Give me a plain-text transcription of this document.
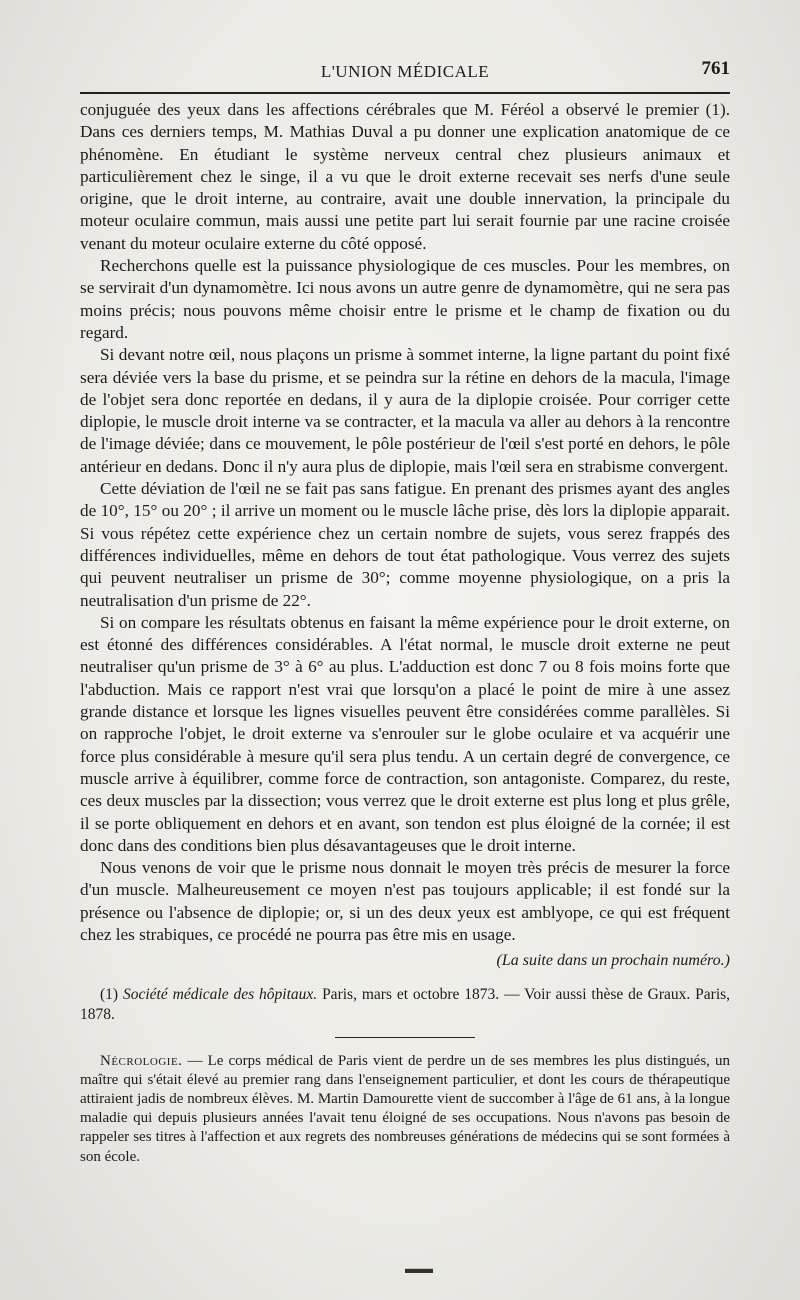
L'UNION MÉDICALE	761

conjuguée des yeux dans les affections cérébrales que M. Féréol a observé le premier (1). Dans ces derniers temps, M. Mathias Duval a pu donner une explication anatomique de ce phénomène. En étudiant le système nerveux central chez plusieurs animaux et particulièrement chez le singe, il a vu que le droit externe recevait ses nerfs d'une seule origine, que le droit interne, au contraire, avait une double innervation, la principale du moteur oculaire commun, mais aussi une petite part lui serait fournie par une racine croisée venant du moteur oculaire externe du côté opposé.

Recherchons quelle est la puissance physiologique de ces muscles. Pour les membres, on se servirait d'un dynamomètre. Ici nous avons un autre genre de dynamomètre, qui ne sera pas moins précis; nous pouvons même choisir entre le prisme et le champ de fixation ou du regard.

Si devant notre œil, nous plaçons un prisme à sommet interne, la ligne partant du point fixé sera déviée vers la base du prisme, et se peindra sur la rétine en dehors de la macula, l'image de l'objet sera donc reportée en dedans, il y aura de la diplopie croisée. Pour corriger cette diplopie, le muscle droit interne va se contracter, et la macula va aller au dehors à la rencontre de l'image déviée; dans ce mouvement, le pôle postérieur de l'œil s'est porté en dehors, le pôle antérieur en dedans. Donc il n'y aura plus de diplopie, mais l'œil sera en strabisme convergent.

Cette déviation de l'œil ne se fait pas sans fatigue. En prenant des prismes ayant des angles de 10°, 15° ou 20° ; il arrive un moment ou le muscle lâche prise, dès lors la diplopie apparait. Si vous répétez cette expérience chez un certain nombre de sujets, vous serez frappés des différences individuelles, même en dehors de tout état pathologique. Vous verrez des sujets qui peuvent neutraliser un prisme de 30°; comme moyenne physiologique, on a pris la neutralisation d'un prisme de 22°.

Si on compare les résultats obtenus en faisant la même expérience pour le droit externe, on est étonné des différences considérables. A l'état normal, le muscle droit externe ne peut neutraliser qu'un prisme de 3° à 6° au plus. L'adduction est donc 7 ou 8 fois moins forte que l'abduction. Mais ce rapport n'est vrai que lorsqu'on a placé le point de mire à une assez grande distance et lorsque les lignes visuelles peuvent être considérées comme parallèles. Si on rapproche l'objet, le droit externe va s'enrouler sur le globe oculaire et va acquérir une force plus considérable à mesure qu'il sera plus tendu. A un certain degré de convergence, ce muscle arrive à équilibrer, comme force de contraction, son antagoniste. Comparez, du reste, ces deux muscles par la dissection; vous verrez que le droit externe est plus long et plus grêle, il se porte obliquement en dehors et en avant, son tendon est plus éloigné de la cornée; il est donc dans des conditions bien plus désavantageuses que le droit interne.

Nous venons de voir que le prisme nous donnait le moyen très précis de mesurer la force d'un muscle. Malheureusement ce moyen n'est pas toujours applicable; il est fondé sur la présence ou l'absence de diplopie; or, si un des deux yeux est amblyope, ce qui est fréquent chez les strabiques, ce procédé ne pourra pas être mis en usage.

(La suite dans un prochain numéro.)
(1) Société médicale des hôpitaux. Paris, mars et octobre 1873. — Voir aussi thèse de Graux. Paris, 1878.
Nécrologie. — Le corps médical de Paris vient de perdre un de ses membres les plus distingués, un maître qui s'était élevé au premier rang dans l'enseignement particulier, et dont les cours de thérapeutique attiraient jadis de nombreux élèves. M. Martin Damourette vient de succomber à l'âge de 61 ans, à la longue maladie qui depuis plusieurs années l'avait tenu éloigné de ses occupations. Nous n'avons pas besoin de rappeler ses titres à l'affection et aux regrets des nombreuses générations de médecins qui se sont formées à son école.
▬▬
